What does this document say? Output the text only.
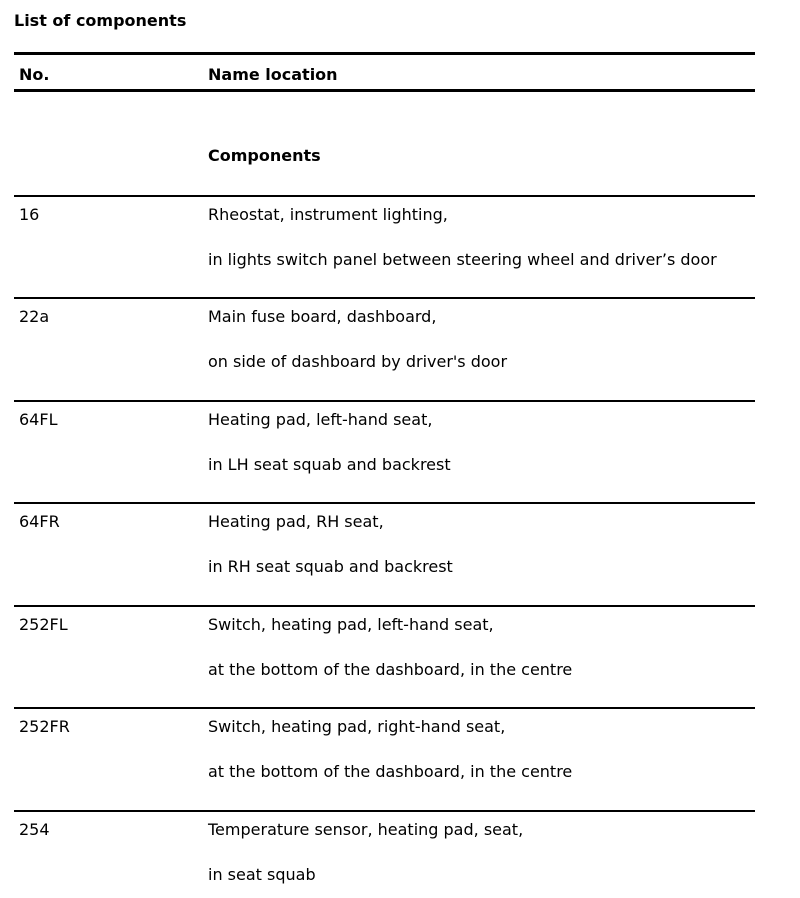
List of components
No.	Name location
Components
16	Rheostat, instrument lighting,
in lights switch panel between steering wheel and driver’s door
22a	Main fuse board, dashboard,
on side of dashboard by driver's door
64FL	Heating pad, left-hand seat,
in LH seat squab and backrest
64FR	Heating pad, RH seat,
in RH seat squab and backrest
252FL	Switch, heating pad, left-hand seat,
at the bottom of the dashboard, in the centre
252FR	Switch, heating pad, right-hand seat,
at the bottom of the dashboard, in the centre
254	Temperature sensor, heating pad, seat,
in seat squab
